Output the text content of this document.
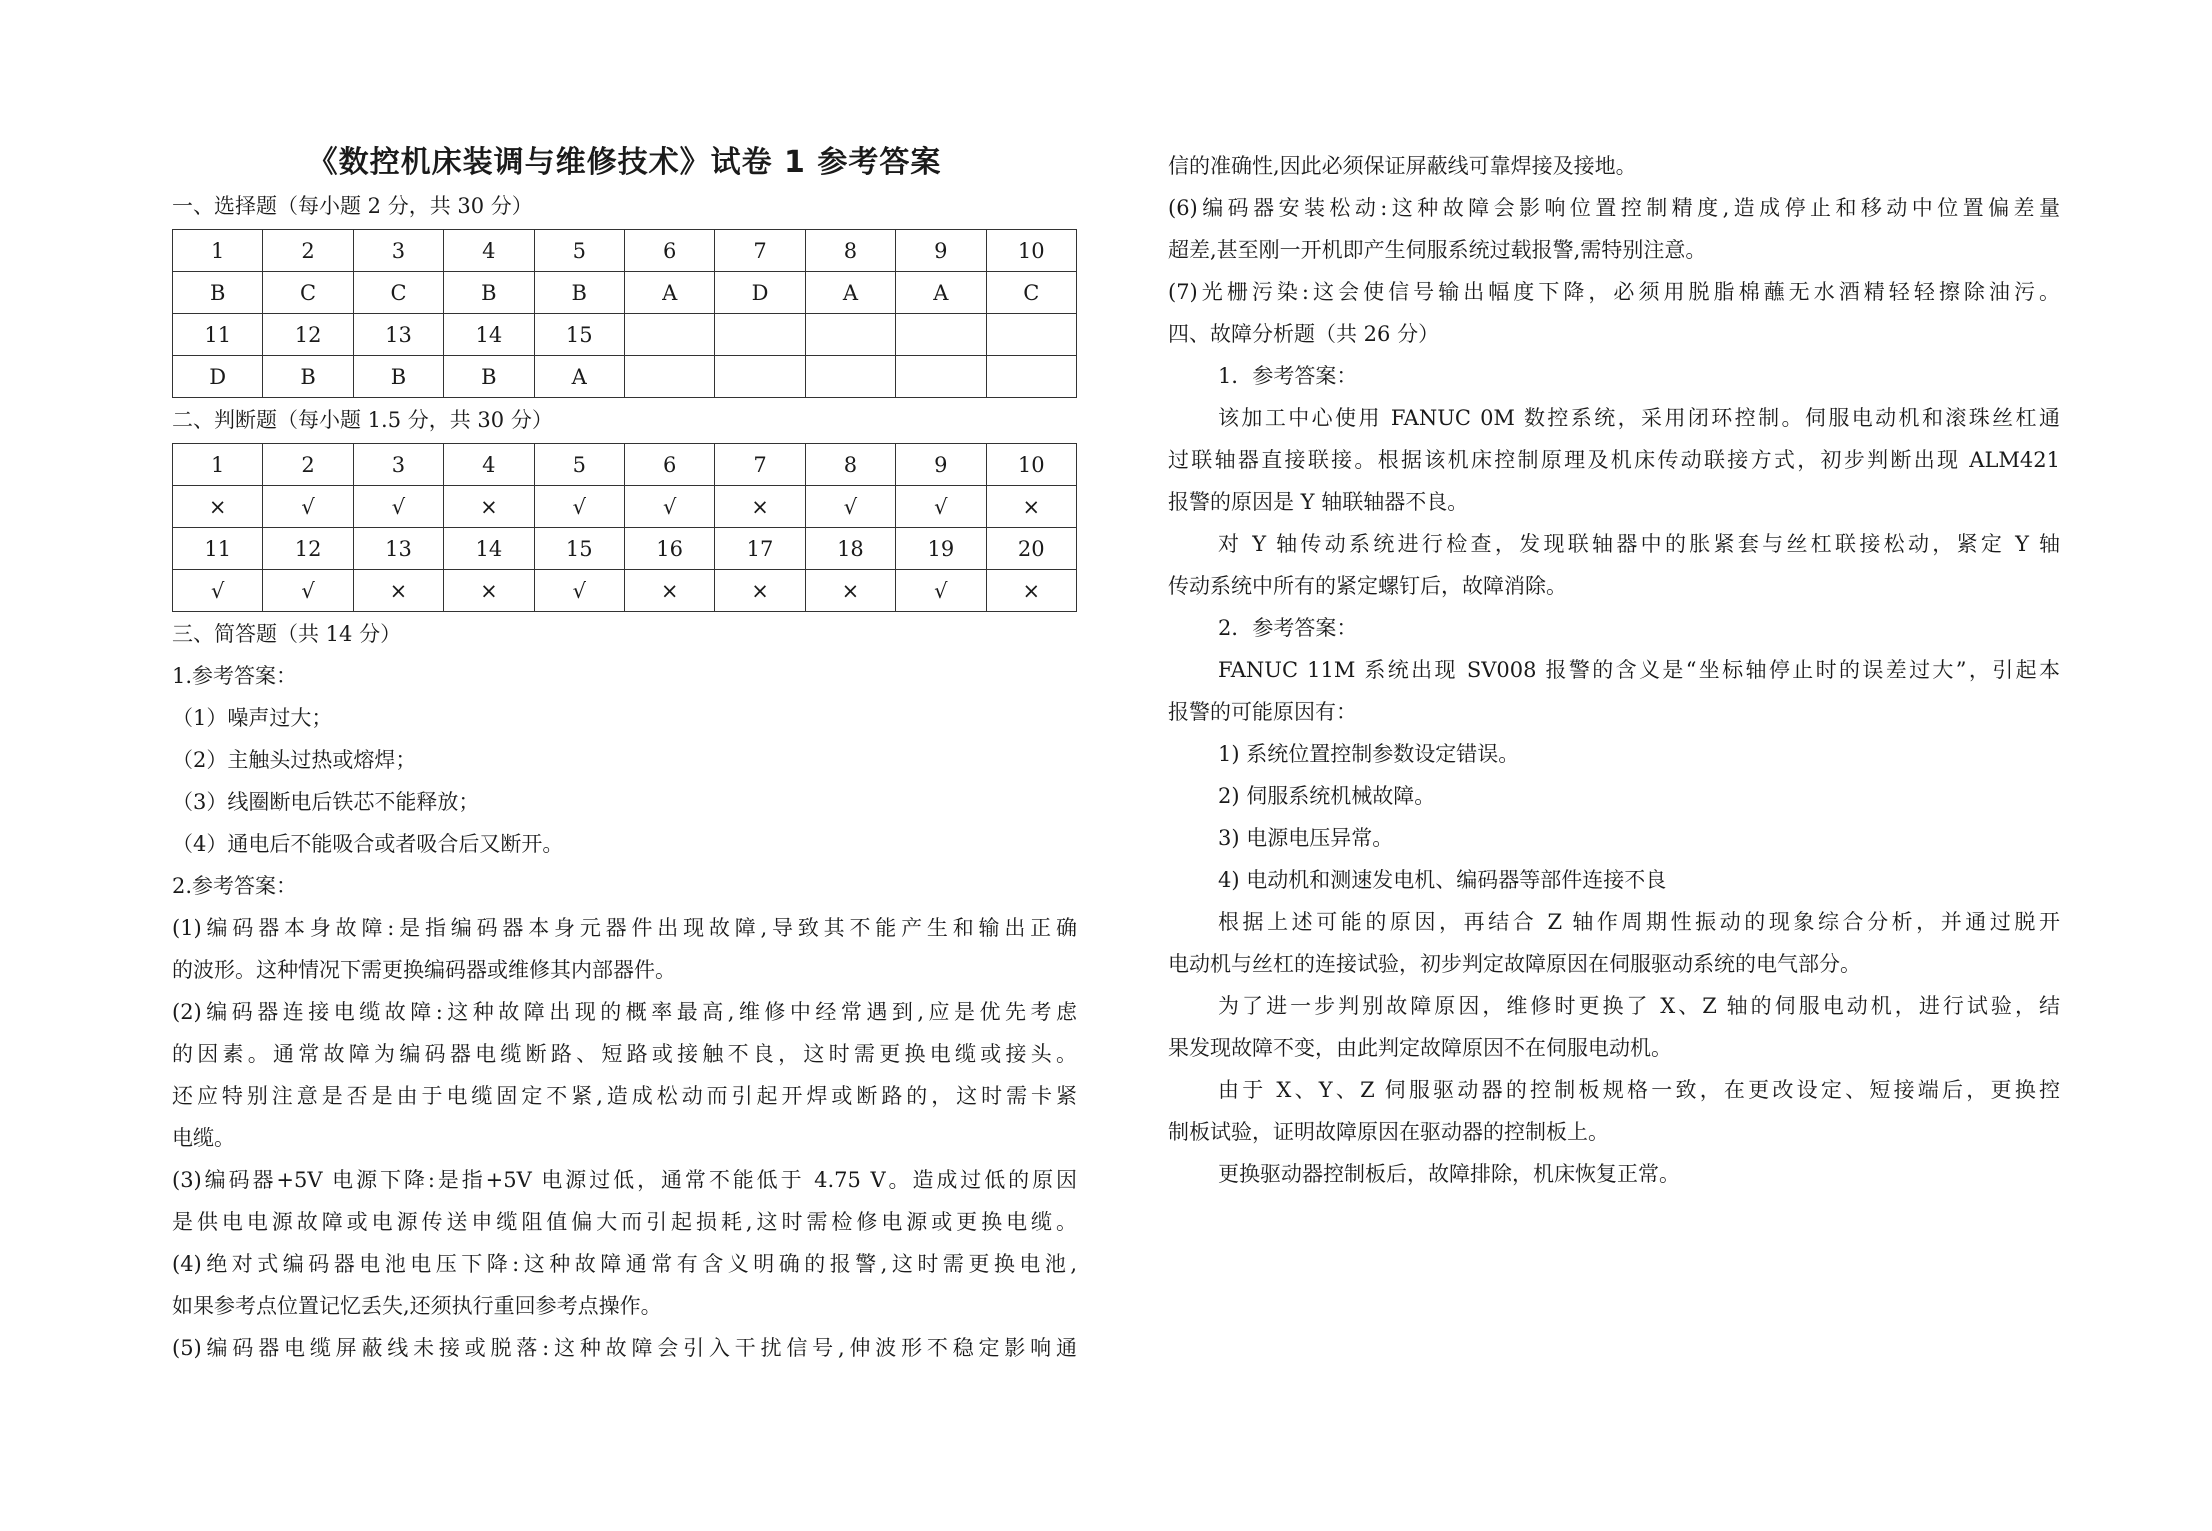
《数控机床装调与维修技术》试卷 1 参考答案
一、选择题（每小题 2 分，共 30 分）
1	2	3	4	5	6	7	8	9	10
B	C	C	B	B	A	D	A	A	C
11	12	13	14	15					
D	B	B	B	A					
二、判断题（每小题 1.5 分，共 30 分）
1	2	3	4	5	6	7	8	9	10
×	√	√	×	√	√	×	√	√	×
11	12	13	14	15	16	17	18	19	20
√	√	×	×	√	×	×	×	√	×
三、简答题（共 14 分）
1.参考答案：
（1）噪声过大；
（2）主触头过热或熔焊；
（3）线圈断电后铁芯不能释放；
（4）通电后不能吸合或者吸合后又断开。
2.参考答案：
(1)编码器本身故障:是指编码器本身元器件出现故障,导致其不能产生和输出正确
的波形。这种情况下需更换编码器或维修其内部器件。
(2)编码器连接电缆故障:这种故障出现的概率最高,维修中经常遇到,应是优先考虑
的因素。通常故障为编码器电缆断路、短路或接触不良，这时需更换电缆或接头。
还应特别注意是否是由于电缆固定不紧,造成松动而引起开焊或断路的，这时需卡紧
电缆。
(3)编码器+5V 电源下降:是指+5V 电源过低，通常不能低于 4.75 V。造成过低的原因
是供电电源故障或电源传送申缆阻值偏大而引起损耗,这时需检修电源或更换电缆。
(4)绝对式编码器电池电压下降:这种故障通常有含义明确的报警,这时需更换电池,
如果参考点位置记忆丢失,还须执行重回参考点操作。
(5)编码器电缆屏蔽线未接或脱落:这种故障会引入干扰信号,伸波形不稳定影响通
信的准确性,因此必须保证屏蔽线可靠焊接及接地。
(6)编码器安装松动:这种故障会影响位置控制精度,造成停止和移动中位置偏差量
超差,甚至刚一开机即产生伺服系统过载报警,需特别注意。
(7)光栅污染:这会使信号输出幅度下降，必须用脱脂棉蘸无水酒精轻轻擦除油污。
四、故障分析题（共 26 分）
1．参考答案：
该加工中心使用 FANUC 0M 数控系统，采用闭环控制。伺服电动机和滚珠丝杠通
过联轴器直接联接。根据该机床控制原理及机床传动联接方式，初步判断出现 ALM421
报警的原因是 Y 轴联轴器不良。
对 Y 轴传动系统进行检查，发现联轴器中的胀紧套与丝杠联接松动，紧定 Y 轴
传动系统中所有的紧定螺钉后，故障消除。
2．参考答案：
FANUC 11M 系统出现 SV008 报警的含义是“坐标轴停止时的误差过大”，引起本
报警的可能原因有：
1) 系统位置控制参数设定错误。
2) 伺服系统机械故障。
3) 电源电压异常。
4) 电动机和测速发电机、编码器等部件连接不良
根据上述可能的原因，再结合 Z 轴作周期性振动的现象综合分析，并通过脱开
电动机与丝杠的连接试验，初步判定故障原因在伺服驱动系统的电气部分。
为了进一步判别故障原因，维修时更换了 X、Z 轴的伺服电动机，进行试验，结
果发现故障不变，由此判定故障原因不在伺服电动机。
由于 X、Y、Z 伺服驱动器的控制板规格一致，在更改设定、短接端后，更换控
制板试验，证明故障原因在驱动器的控制板上。
更换驱动器控制板后，故障排除，机床恢复正常。
